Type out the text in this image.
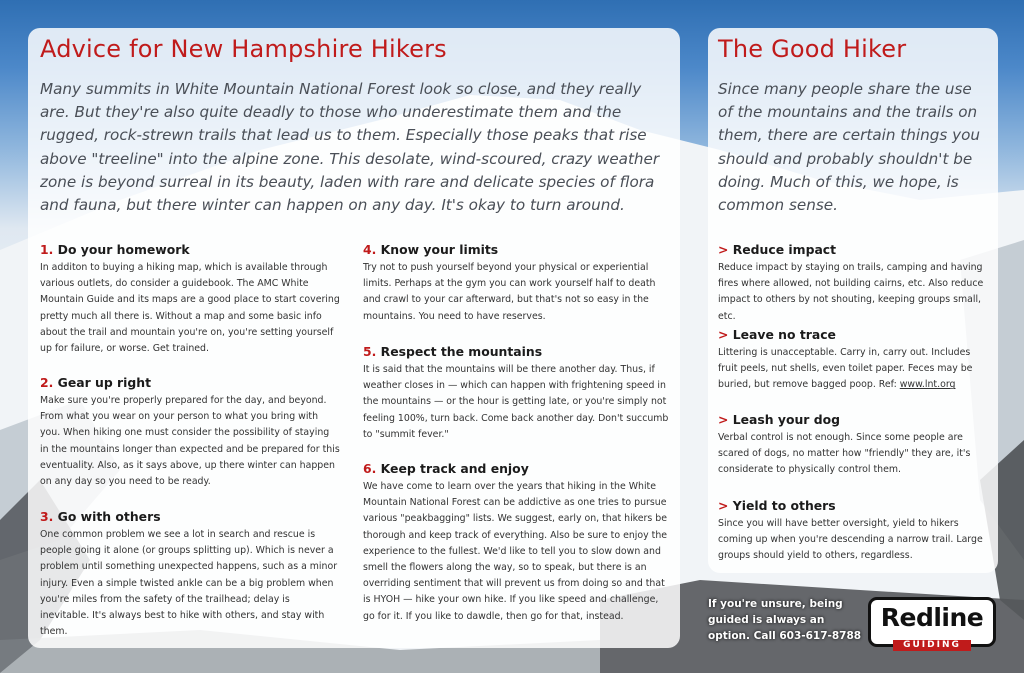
Advice for New Hampshire Hikers

Many summits in White Mountain National Forest look so close, and they really are. But they're also quite deadly to those who underestimate them and the rugged, rock-strewn trails that lead us to them. Especially those peaks that rise above "treeline" into the alpine zone. This desolate, wind-scoured, crazy weather zone is beyond surreal in its beauty, laden with rare and delicate species of flora and fauna, but there winter can happen on any day. It's okay to turn around.

1. Do your homework

In additon to buying a hiking map, which is available through various outlets, do consider a guidebook. The AMC White Mountain Guide and its maps are a good place to start covering pretty much all there is. Without a map and some basic info about the trail and mountain you're on, you're setting yourself up for failure, or worse. Get trained.

2. Gear up right

Make sure you're properly prepared for the day, and beyond. From what you wear on your person to what you bring with you. When hiking one must consider the possibility of staying in the mountains longer than expected and be prepared for this eventuality. Also, as it says above, up there winter can happen on any day so you need to be ready.

3. Go with others

One common problem we see a lot in search and rescue is people going it alone (or groups splitting up). Which is never a problem until something unexpected happens, such as a minor injury. Even a simple twisted ankle can be a big problem when you're miles from the safety of the trailhead; delay is inevitable. It's always best to hike with others, and stay with them.

4. Know your limits

Try not to push yourself beyond your physical or experiential limits. Perhaps at the gym you can work yourself half to death and crawl to your car afterward, but that's not so easy in the mountains. You need to have reserves.

5. Respect the mountains

It is said that the mountains will be there another day. Thus, if weather closes in — which can happen with frightening speed in the mountains — or the hour is getting late, or you're simply not feeling 100%, turn back. Come back another day. Don't succumb to "summit fever."

6. Keep track and enjoy

We have come to learn over the years that hiking in the White Mountain National Forest can be addictive as one tries to pursue various "peakbagging" lists. We suggest, early on, that hikers be thorough and keep track of everything. Also be sure to enjoy the experience to the fullest. We'd like to tell you to slow down and smell the flowers along the way, so to speak, but there is an overriding sentiment that will prevent us from doing so and that is HYOH — hike your own hike. If you like speed and challenge, go for it. If you like to dawdle, then go for that, instead.

The Good Hiker

Since many people share the use of the mountains and the trails on them, there are certain things you should and probably shouldn't be doing. Much of this, we hope, is common sense.

> Reduce impact

Reduce impact by staying on trails, camping and having fires where allowed, not building cairns, etc. Also reduce impact to others by not shouting, keeping groups small, etc.

> Leave no trace

Littering is unacceptable. Carry in, carry out. Includes fruit peels, nut shells, even toilet paper. Feces may be buried, but remove bagged poop. Ref: www.lnt.org

> Leash your dog

Verbal control is not enough. Since some people are scared of dogs, no matter how "friendly" they are, it's considerate to physically control them.

> Yield to others

Since you will have better oversight, yield to hikers coming up when you're descending a narrow trail. Large groups should yield to others, regardless.

If you're unsure, being guided is always an option. Call 603-617-8788
Redline
GUIDING
